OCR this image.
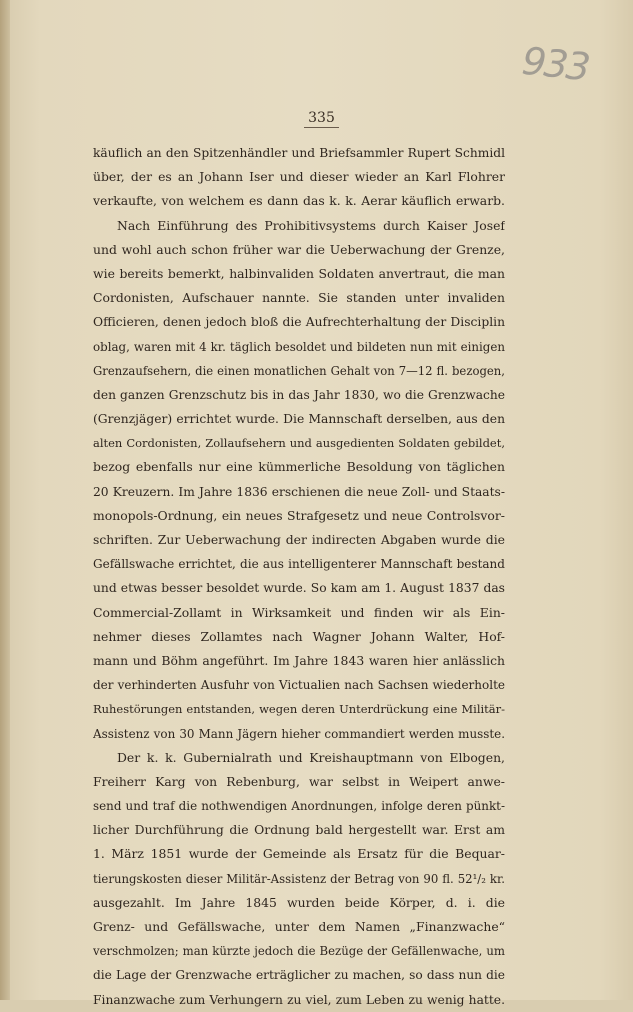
933
335
käuflich an den Spitzenhändler und Briefsammler Rupert Schmidl
über, der es an Johann Iser und dieser wieder an Karl Flohrer
verkaufte, von welchem es dann das k. k. Aerar käuflich erwarb.
Nach Einführung des Prohibitivsystems durch Kaiser Josef
und wohl auch schon früher war die Ueberwachung der Grenze,
wie bereits bemerkt, halbinvaliden Soldaten anvertraut, die man
Cordonisten, Aufschauer nannte. Sie standen unter invaliden
Officieren, denen jedoch bloß die Aufrechterhaltung der Disciplin
oblag, waren mit 4 kr. täglich besoldet und bildeten nun mit einigen
Grenzaufsehern, die einen monatlichen Gehalt von 7—12 fl. bezogen,
den ganzen Grenzschutz bis in das Jahr 1830, wo die Grenzwache
(Grenzjäger) errichtet wurde. Die Mannschaft derselben, aus den
alten Cordonisten, Zollaufsehern und ausgedienten Soldaten gebildet,
bezog ebenfalls nur eine kümmerliche Besoldung von täglichen
20 Kreuzern. Im Jahre 1836 erschienen die neue Zoll- und Staats-
monopols-Ordnung, ein neues Strafgesetz und neue Controlsvor-
schriften. Zur Ueberwachung der indirecten Abgaben wurde die
Gefällswache errichtet, die aus intelligenterer Mannschaft bestand
und etwas besser besoldet wurde. So kam am 1. August 1837 das
Commercial-Zollamt in Wirksamkeit und finden wir als Ein-
nehmer dieses Zollamtes nach Wagner Johann Walter, Hof-
mann und Böhm angeführt. Im Jahre 1843 waren hier anlässlich
der verhinderten Ausfuhr von Victualien nach Sachsen wiederholte
Ruhestörungen entstanden, wegen deren Unterdrückung eine Militär-
Assistenz von 30 Mann Jägern hieher commandiert werden musste.
Der k. k. Gubernialrath und Kreishauptmann von Elbogen,
Freiherr Karg von Rebenburg, war selbst in Weipert anwe-
send und traf die nothwendigen Anordnungen, infolge deren pünkt-
licher Durchführung die Ordnung bald hergestellt war. Erst am
1. März 1851 wurde der Gemeinde als Ersatz für die Bequar-
tierungskosten dieser Militär-Assistenz der Betrag von 90 fl. 52¹/₂ kr.
ausgezahlt. Im Jahre 1845 wurden beide Körper, d. i. die
Grenz- und Gefällswache, unter dem Namen „Finanzwache“
verschmolzen; man kürzte jedoch die Bezüge der Gefällenwache, um
die Lage der Grenzwache erträglicher zu machen, so dass nun die
Finanzwache zum Verhungern zu viel, zum Leben zu wenig hatte.
